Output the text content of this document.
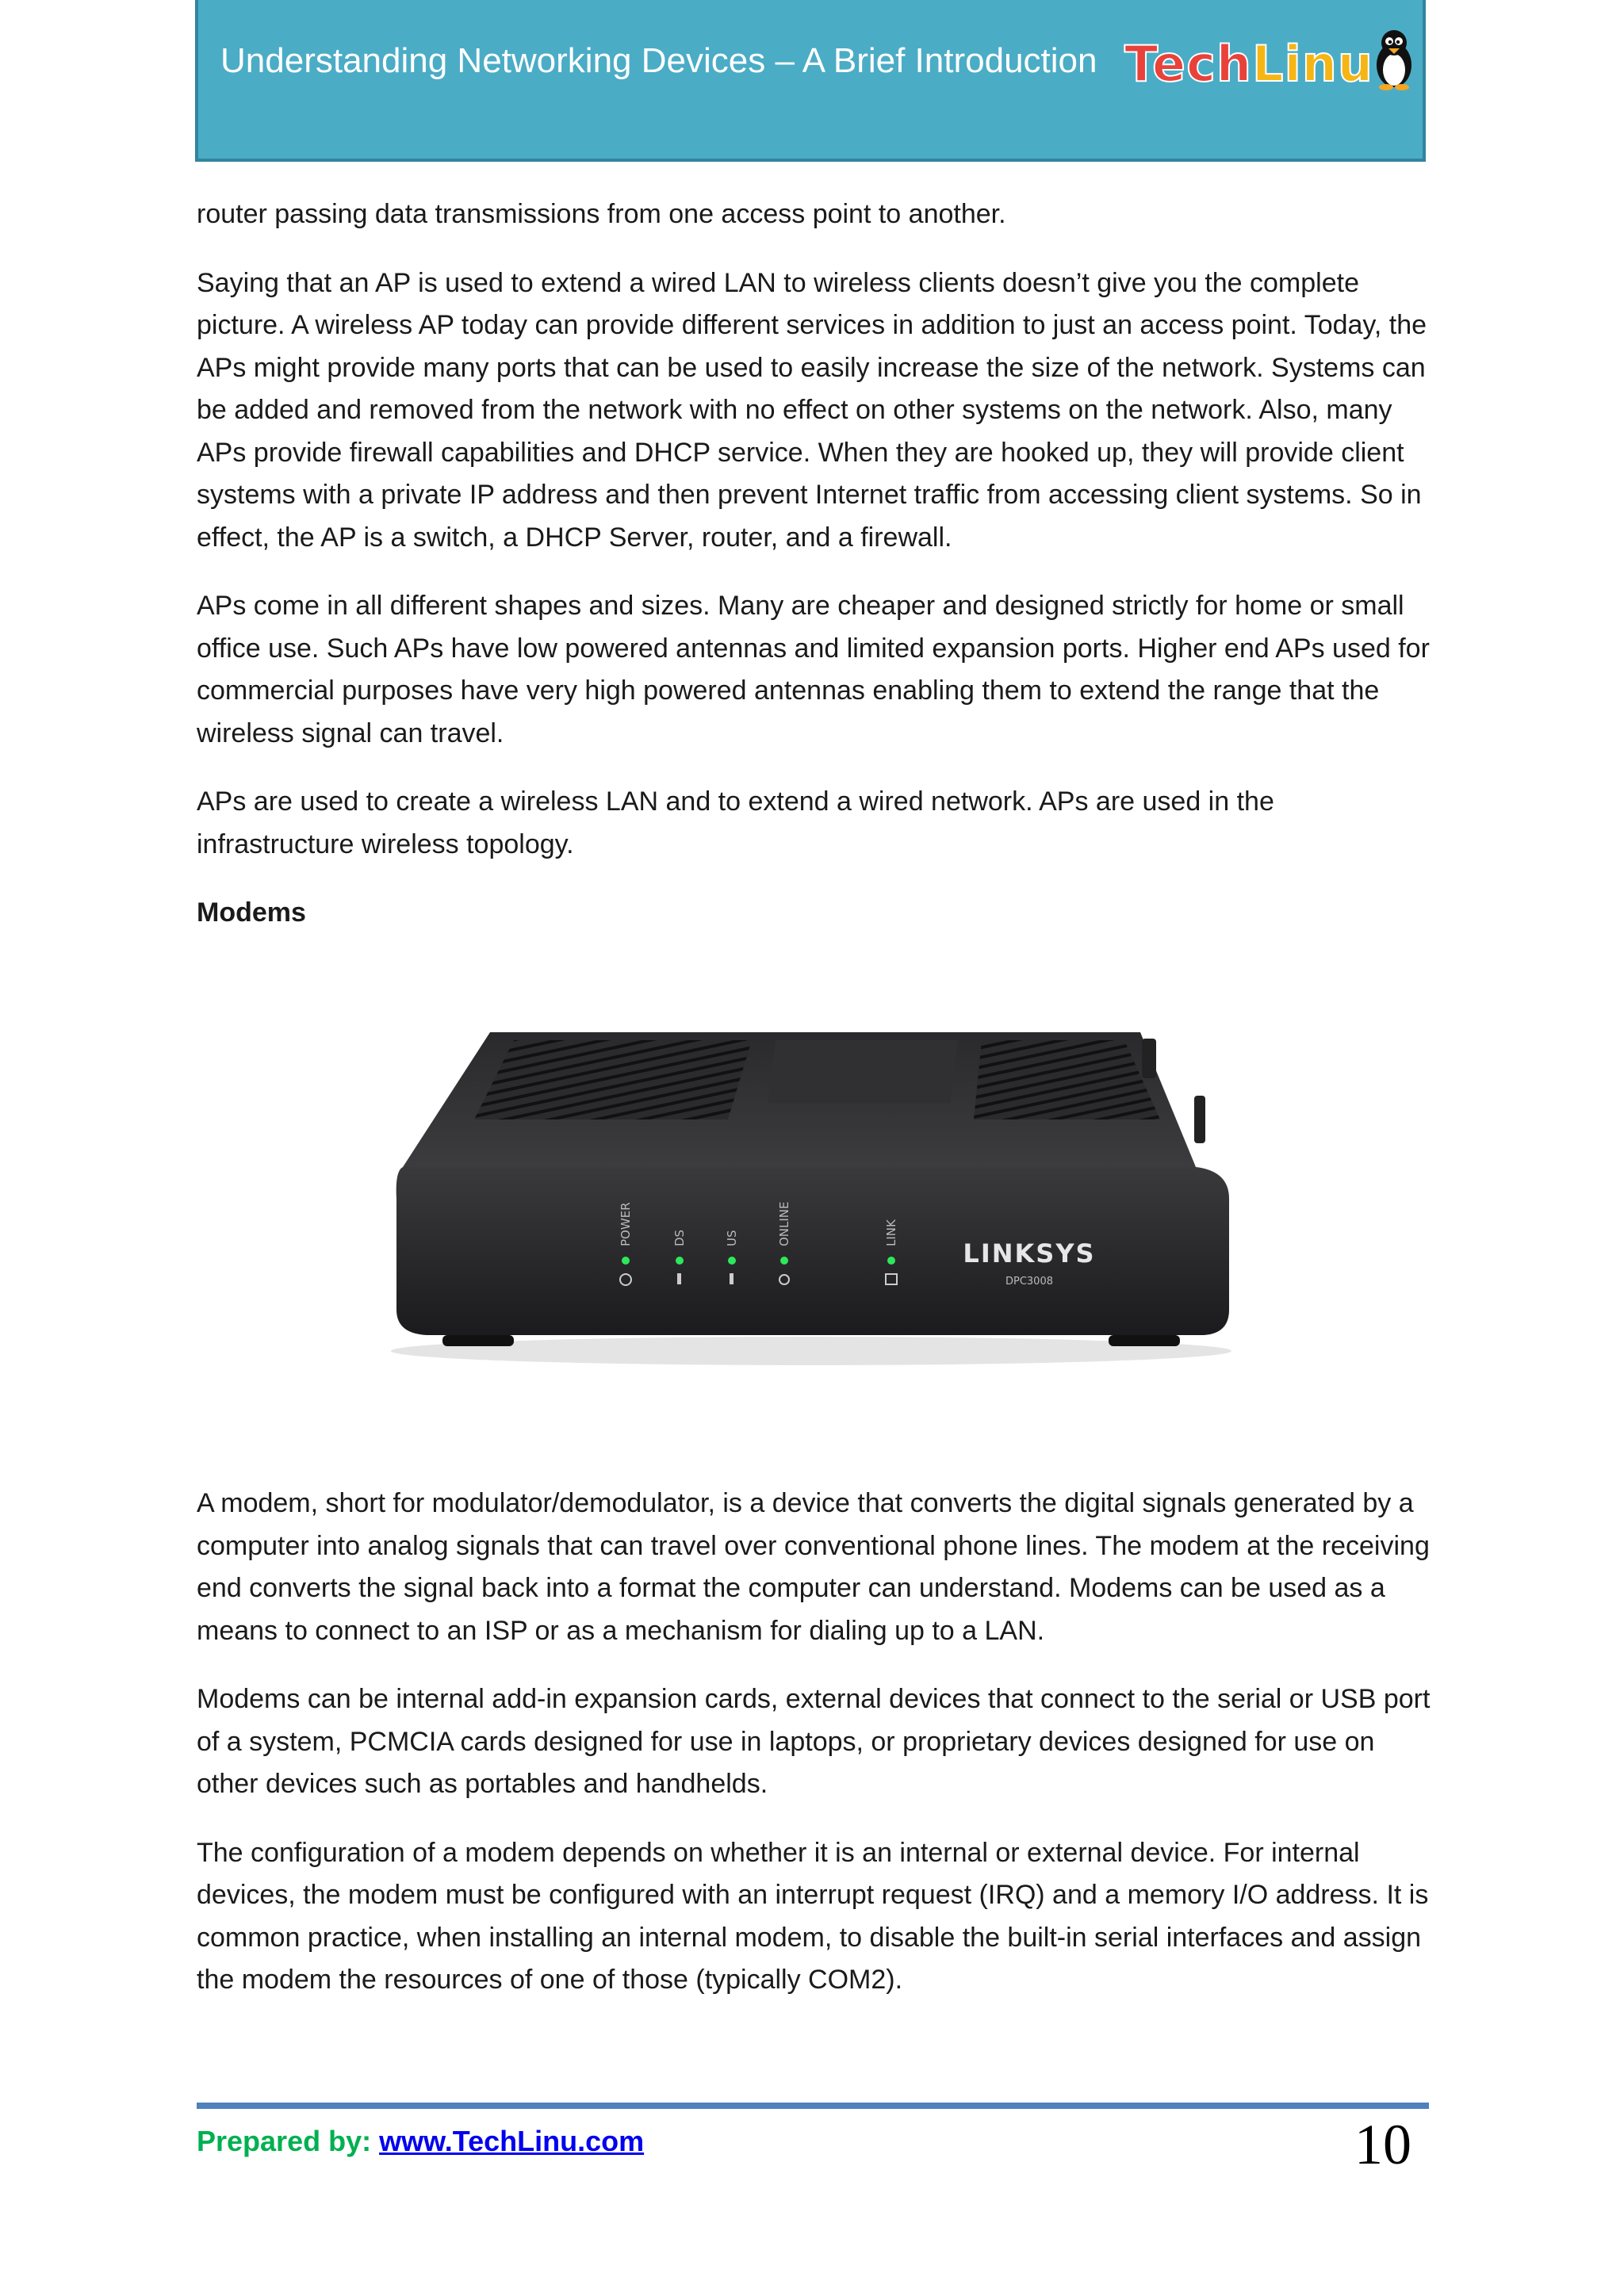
Understanding Networking Devices – A Brief Introduction TechLinu

router passing data transmissions from one access point to another.

Saying that an AP is used to extend a wired LAN to wireless clients doesn’t give you the complete picture. A wireless AP today can provide different services in addition to just an access point. Today, the APs might provide many ports that can be used to easily increase the size of the network. Systems can be added and removed from the network with no effect on other systems on the network. Also, many APs provide firewall capabilities and DHCP service. When they are hooked up, they will provide client systems with a private IP address and then prevent Internet traffic from accessing client systems. So in effect, the AP is a switch, a DHCP Server, router, and a firewall.

APs come in all different shapes and sizes. Many are cheaper and designed strictly for home or small office use. Such APs have low powered antennas and limited expansion ports. Higher end APs used for commercial purposes have very high powered antennas enabling them to extend the range that the wireless signal can travel.

APs are used to create a wireless LAN and to extend a wired network. APs are used in the infrastructure wireless topology.

Modems

POWER	DS	US	ONLINE	LINK
LINKSYS
DPC3008

A modem, short for modulator/demodulator, is a device that converts the digital signals generated by a computer into analog signals that can travel over conventional phone lines. The modem at the receiving end converts the signal back into a format the computer can understand. Modems can be used as a means to connect to an ISP or as a mechanism for dialing up to a LAN.

Modems can be internal add-in expansion cards, external devices that connect to the serial or USB port of a system, PCMCIA cards designed for use in laptops, or proprietary devices designed for use on other devices such as portables and handhelds.

The configuration of a modem depends on whether it is an internal or external device. For internal devices, the modem must be configured with an interrupt request (IRQ) and a memory I/O address. It is common practice, when installing an internal modem, to disable the built-in serial interfaces and assign the modem the resources of one of those (typically COM2).

Prepared by: www.TechLinu.com	10
